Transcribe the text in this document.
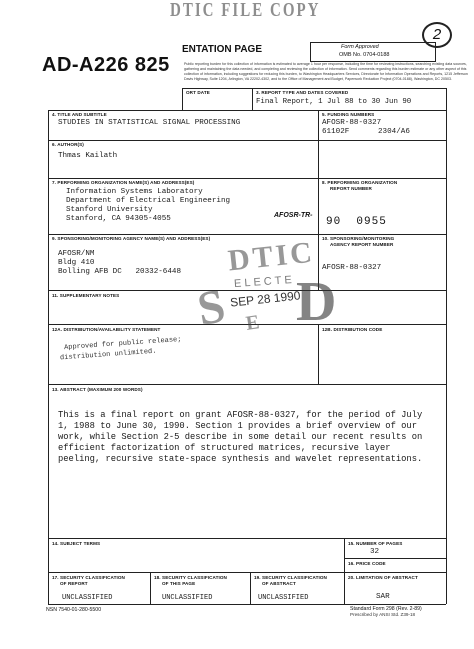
DTIC FILE COPY
2
AD-A226 825
ENTATION PAGE	Form Approved
OMB No. 0704-0188
Public reporting burden for this collection of information is estimated to average 1 hour per response, including the time for reviewing instructions, searching existing data sources,
gathering and maintaining the data needed, and completing and reviewing the collection of information. Send comments regarding this burden estimate or any other aspect of this
collection of information, including suggestions for reducing this burden, to Washington Headquarters Services, Directorate for Information Operations and Reports, 1215 Jefferson
Davis Highway, Suite 1204, Arlington, VA 22202-4302, and to the Office of Management and Budget, Paperwork Reduction Project (0704-0188), Washington, DC 20503.
ORT DATE	3. REPORT TYPE AND DATES COVERED
Final Report, 1 Jul 88 to 30 Jun 90
4. TITLE AND SUBTITLE
STUDIES IN STATISTICAL SIGNAL PROCESSING
5. FUNDING NUMBERS
AFOSR-88-0327
61102F	2304/A6
6. AUTHOR(S)
Thmas Kailath
7. PERFORMING ORGANIZATION NAME(S) AND ADDRESS(ES)
Information Systems Laboratory
Department of Electrical Engineering
Stanford University
Stanford, CA 94305-4055	AFOSR-TR-
8. PERFORMING ORGANIZATION
REPORT NUMBER
90  0955
9. SPONSORING/MONITORING AGENCY NAME(S) AND ADDRESS(ES)
AFOSR/NM
Bldg 410
Bolling AFB DC   20332-6448
10. SPONSORING/MONITORING
AGENCY REPORT NUMBER
AFOSR-88-0327
DTIC
ELECTE
SEP 28 1990
S D
E
11. SUPPLEMENTARY NOTES
12A. DISTRIBUTION/AVAILABILITY STATEMENT
Approved for public release;
distribution unlimited.
12B. DISTRIBUTION CODE
13. ABSTRACT (MAXIMUM 200 WORDS)
This is a final report on grant AFOSR-88-0327, for the period of July
1, 1988 to June 30, 1990. Section 1 provides a brief overview of our
work, while Section 2-5 describe in some detail our recent results on
efficient factorization of structured matrices, recursive layer
peeling, recursive state-space synthesis and wavelet representations.
14. SUBJECT TERMS	15. NUMBER OF PAGES
32
16. PRICE CODE
17. SECURITY CLASSIFICATION
OF REPORT
UNCLASSIFIED
18. SECURITY CLASSIFICATION
OF THIS PAGE
UNCLASSIFIED
19. SECURITY CLASSIFICATION
OF ABSTRACT
UNCLASSIFIED
20. LIMITATION OF ABSTRACT
SAR
NSN 7540-01-280-5500	Standard Form 298 (Rev. 2-89)
Prescribed by ANSI Std. Z39-18
